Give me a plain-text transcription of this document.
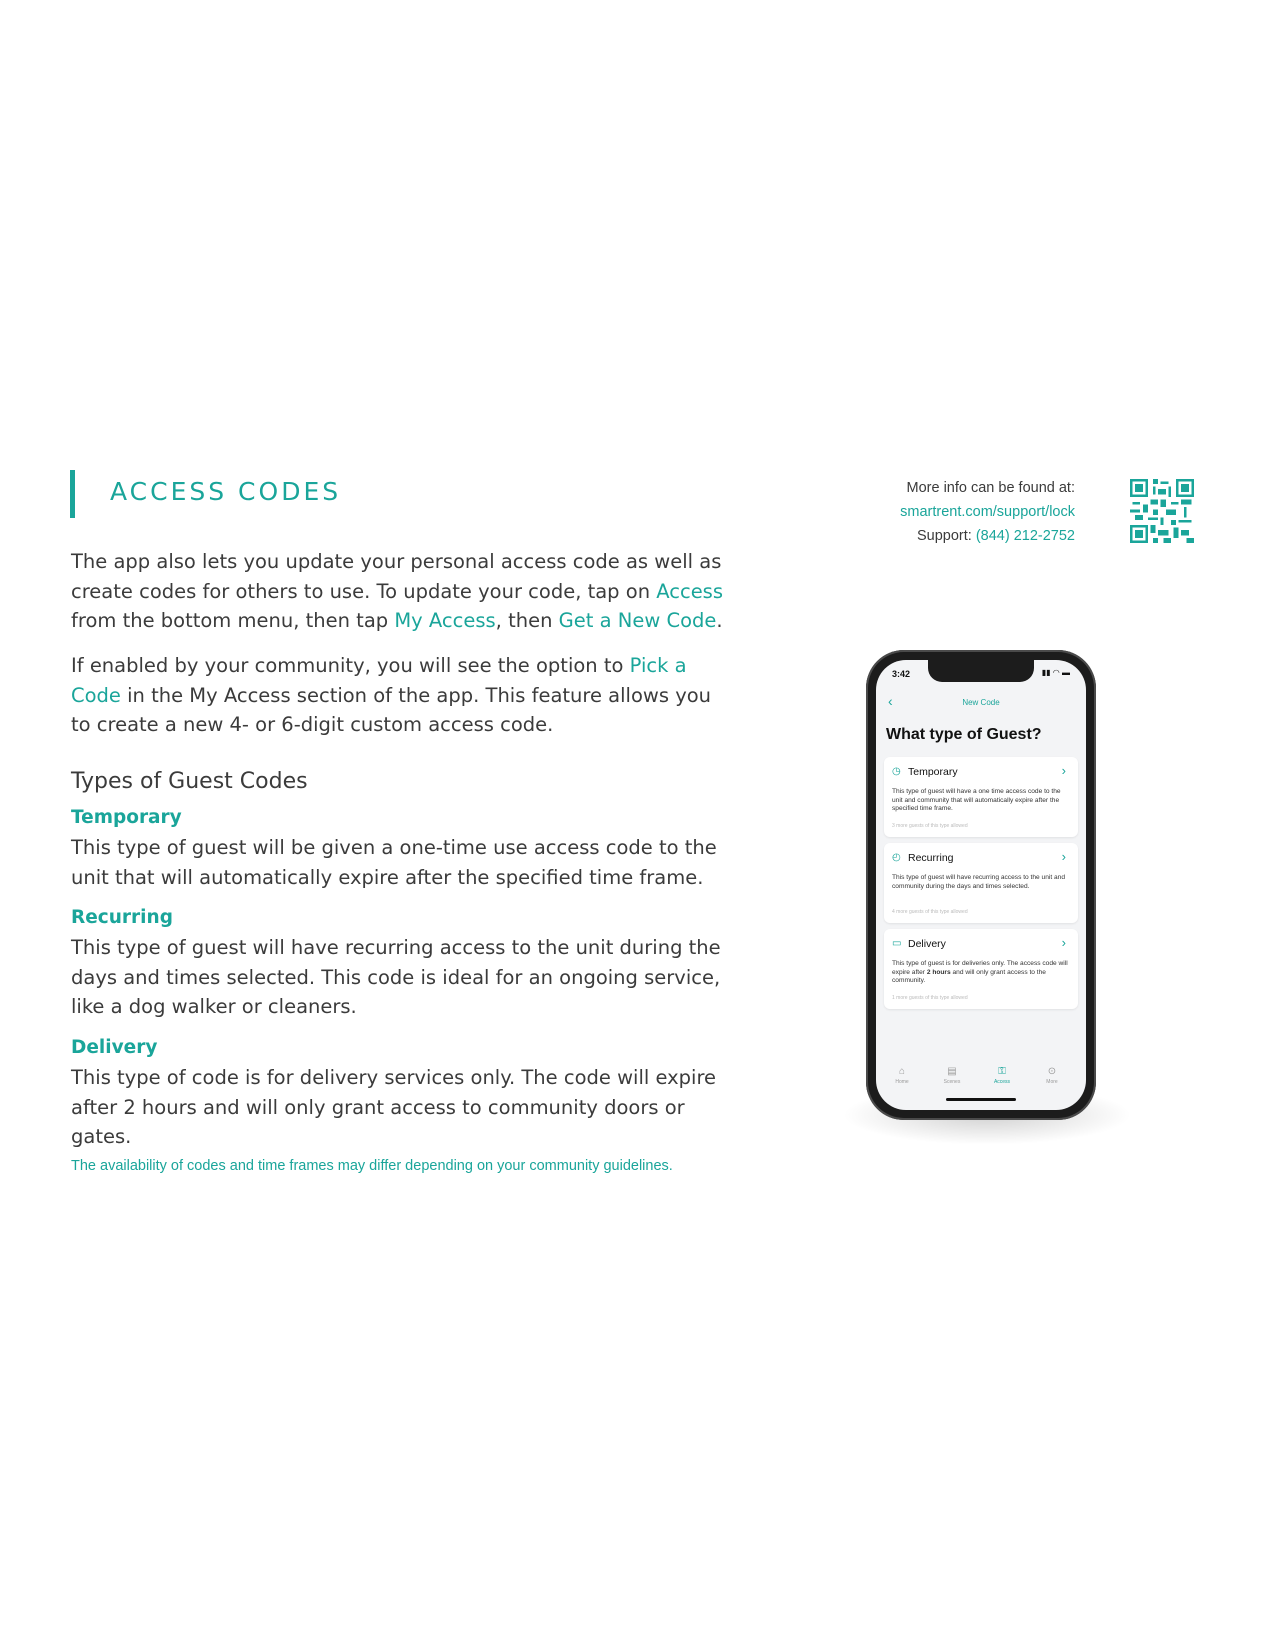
ACCESS CODES	More info can be found at:
smartrent.com/support/lock
Support: (844) 212-2752

The app also lets you update your personal access code as well as create codes for others to use. To update your code, tap on Access from the bottom menu, then tap My Access, then Get a New Code.

If enabled by your community, you will see the option to Pick a Code in the My Access section of the app. This feature allows you to create a new 4- or 6-digit custom access code.

Types of Guest Codes
Temporary

This type of guest will be given a one-time use access code to the unit that will automatically expire after the specified time frame.

Recurring

This type of guest will have recurring access to the unit during the days and times selected. This code is ideal for an ongoing service, like a dog walker or cleaners.

Delivery

This type of code is for delivery services only. The code will expire after 2 hours and will only grant access to community doors or gates.

The availability of codes and time frames may differ depending on your community guidelines.

3:42	▮▮ ◠ ▬
‹	New Code
What type of Guest?
◷ Temporary	›
This type of guest will have a one time access code to the unit and community that will automatically expire after the specified time frame.
3 more guests of this type allowed
◴ Recurring	›
This type of guest will have recurring access to the unit and community during the days and times selected.
4 more guests of this type allowed
▭ Delivery	›
This type of guest is for deliveries only. The access code will expire after 2 hours and will only grant access to the community.
1 more guests of this type allowed
⌂
Home
▤
Scenes
⚿
Access
⊙
More
